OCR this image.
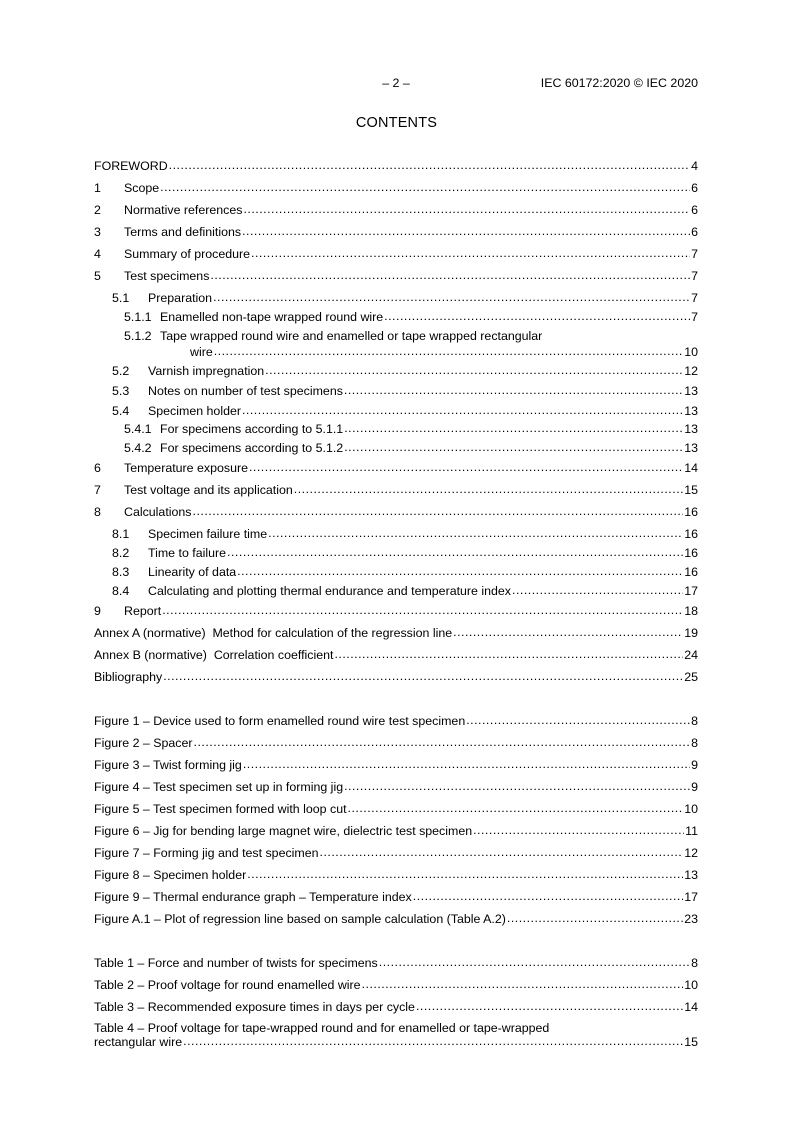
– 2 –	IEC 60172:2020 © IEC 2020
CONTENTS
FOREWORD .....	4
1	Scope .....	6
2	Normative references .....	6
3	Terms and definitions .....	6
4	Summary of procedure .....	7
5	Test specimens .....	7
5.1	Preparation .....	7
5.1.1 Enamelled non-tape wrapped round wire .....	7
5.1.2 Tape wrapped round wire and enamelled or tape wrapped rectangular
wire .....	10
5.2	Varnish impregnation .....	12
5.3	Notes on number of test specimens .....	13
5.4	Specimen holder .....	13
5.4.1 For specimens according to 5.1.1 .....	13
5.4.2 For specimens according to 5.1.2 .....	13
6	Temperature exposure .....	14
7	Test voltage and its application .....	15
8	Calculations .....	16
8.1	Specimen failure time .....	16
8.2	Time to failure .....	16
8.3	Linearity of data .....	16
8.4	Calculating and plotting thermal endurance and temperature index .....	17
9	Report .....	18
Annex A (normative)  Method for calculation of the regression line .....	19
Annex B (normative)  Correlation coefficient .....	24
Bibliography .....	25
Figure 1 – Device used to form enamelled round wire test specimen .....	8
Figure 2 – Spacer .....	8
Figure 3 – Twist forming jig .....	9
Figure 4 – Test specimen set up in forming jig .....	9
Figure 5 – Test specimen formed with loop cut .....	10
Figure 6 – Jig for bending large magnet wire, dielectric test specimen .....	11
Figure 7 – Forming jig and test specimen .....	12
Figure 8 – Specimen holder .....	13
Figure 9 – Thermal endurance graph – Temperature index .....	17
Figure A.1 – Plot of regression line based on sample calculation (Table A.2) .....	23
Table 1 – Force and number of twists for specimens .....	8
Table 2 – Proof voltage for round enamelled wire .....	10
Table 3 – Recommended exposure times in days per cycle .....	14
Table 4 – Proof voltage for tape-wrapped round and for enamelled or tape-wrapped
rectangular wire .....	15
